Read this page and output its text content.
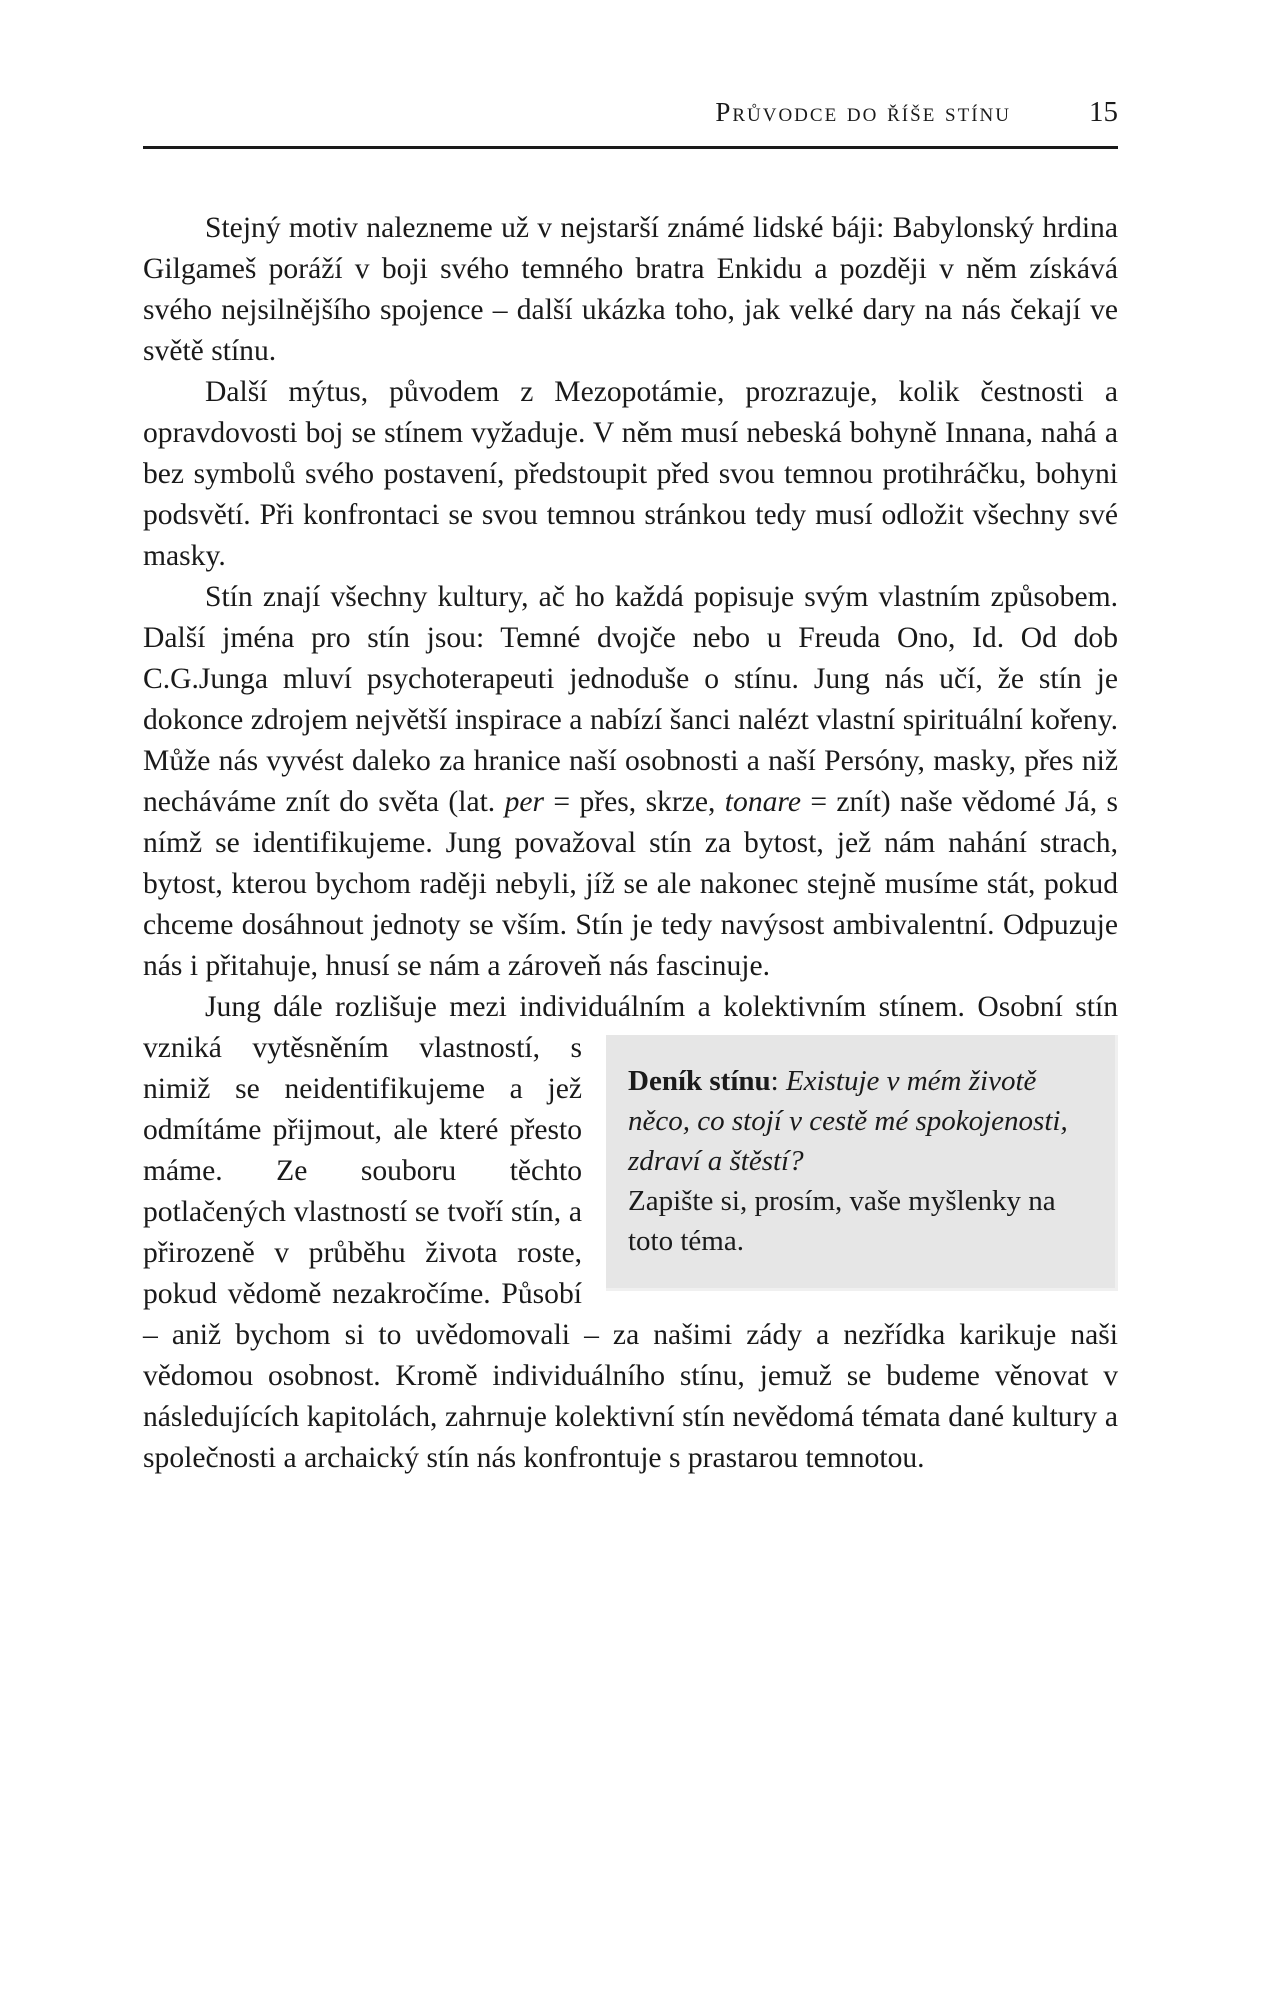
Průvodce do říše stínu	15

Stejný motiv nalezneme už v nejstarší známé lidské báji: Babylonský hrdina Gilgameš poráží v boji svého temného bratra Enkidu a později v něm získává svého nejsilnějšího spojence – další ukázka toho, jak velké dary na nás čekají ve světě stínu.

Další mýtus, původem z Mezopotámie, prozrazuje, kolik čestnosti a opravdovosti boj se stínem vyžaduje. V něm musí nebeská bohyně Innana, nahá a bez symbolů svého postavení, předstoupit před svou temnou protihráčku, bohyni podsvětí. Při konfrontaci se svou temnou stránkou tedy musí odložit všechny své masky.

Stín znají všechny kultury, ač ho každá popisuje svým vlastním způsobem. Další jména pro stín jsou: Temné dvojče nebo u Freuda Ono, Id. Od dob C.G.Junga mluví psychoterapeuti jednoduše o stínu. Jung nás učí, že stín je dokonce zdrojem největší inspirace a nabízí šanci nalézt vlastní spirituální kořeny. Může nás vyvést daleko za hranice naší osobnosti a naší Persóny, masky, přes niž necháváme znít do světa (lat. per = přes, skrze, tonare = znít) naše vědomé Já, s nímž se identifikujeme. Jung považoval stín za bytost, jež nám nahání strach, bytost, kterou bychom raději nebyli, jíž se ale nakonec stejně musíme stát, pokud chceme dosáhnout jednoty se vším. Stín je tedy navýsost ambivalentní. Odpuzuje nás i přitahuje, hnusí se nám a zároveň nás fascinuje.

Jung dále rozlišuje mezi individuálním a kolektivním stínem. Osobní
Deník stínu: Existuje v mém životě něco, co stojí v cestě mé spokojenosti, zdraví a štěstí?
Zapište si, prosím, vaše myšlenky na toto téma.
stín vzniká vytěsněním vlastností, s nimiž se neidentifikujeme a jež odmítáme přijmout, ale které přesto máme. Ze souboru těchto potlačených vlastností se tvoří stín, a přirozeně v průběhu života roste, pokud vědomě nezakročíme. Působí – aniž bychom si to uvědomovali – za našimi zády a nezřídka karikuje naši vědomou osobnost. Kromě individuálního stínu, jemuž se budeme věnovat v následujících kapitolách, zahrnuje kolektivní stín nevědomá témata dané kultury a společnosti a archaický stín nás konfrontuje s prastarou temnotou.
